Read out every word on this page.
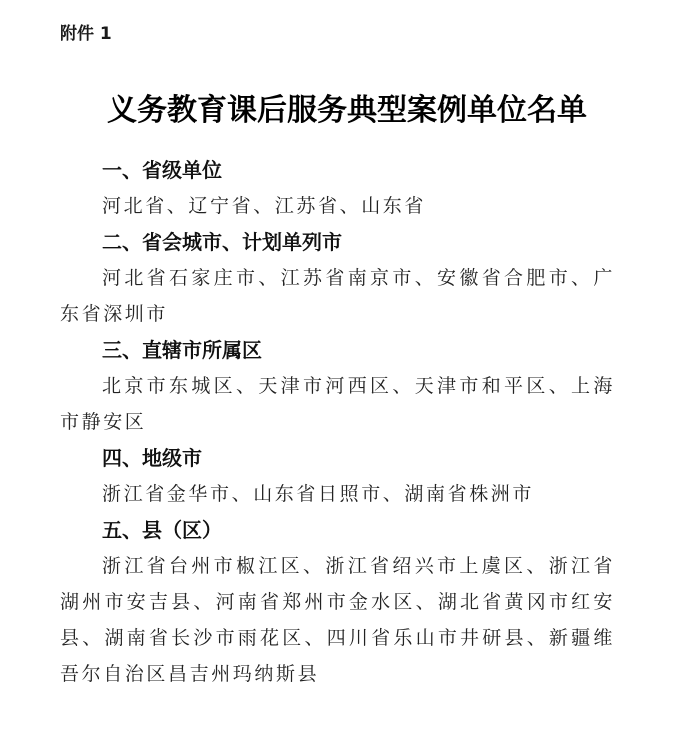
附件 1
义务教育课后服务典型案例单位名单
一、省级单位

河北省、辽宁省、江苏省、山东省

二、省会城市、计划单列市

河北省石家庄市、江苏省南京市、安徽省合肥市、广东省深圳市

三、直辖市所属区

北京市东城区、天津市河西区、天津市和平区、上海市静安区

四、地级市

浙江省金华市、山东省日照市、湖南省株洲市

五、县（区）

浙江省台州市椒江区、浙江省绍兴市上虞区、浙江省湖州市安吉县、河南省郑州市金水区、湖北省黄冈市红安县、湖南省长沙市雨花区、四川省乐山市井研县、新疆维吾尔自治区昌吉州玛纳斯县
